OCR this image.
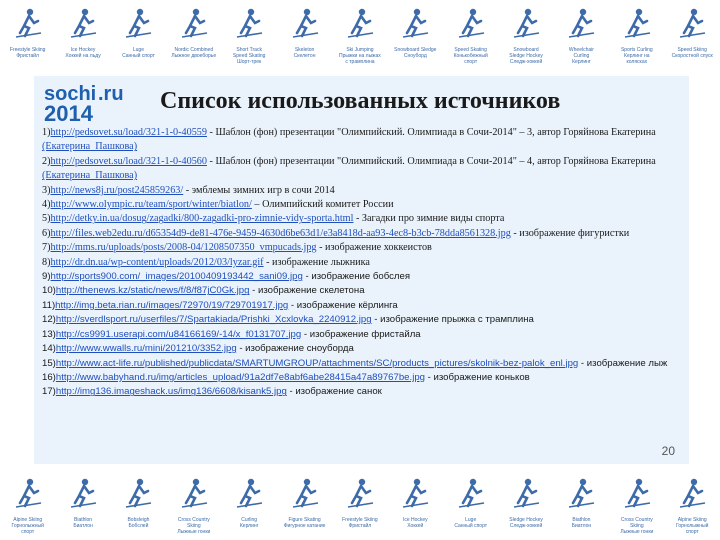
Freestyle Skiing
Фристайл
Ice Hockey
Хоккей на льду
Luge
Санный спорт
Nordic Combined
Лыжное двоеборье
Short Track
Speed Skating
Шорт-трек
Skeleton
Скелетон
Ski Jumping
Прыжки на лыжах
с трамплина
Snowboard Sledge
Сноуборд
Speed Skating
Конькобежный спорт
Snowboard
Sledge Hockey
Следж-хоккей
Wheelchair
Curling
Керлинг
Sports Curling
Керлинг на
колясках
Speed Skiing
Скоростной спуск
sochi .ru
2014	Список использованных источников
1)http://pedsovet.su/load/321-1-0-40559 - Шаблон (фон) презентации "Олимпийский. Олимпиада в Сочи-2014" – 3, автор Горяйнова Екатерина (Екатерина_Пашкова)
2)http://pedsovet.su/load/321-1-0-40560 - Шаблон (фон) презентации "Олимпийский. Олимпиада в Сочи-2014" – 4, автор Горяйнова Екатерина (Екатерина_Пашкова)
3)http://news8j.ru/post245859263/ - эмблемы зимних игр в сочи 2014
4)http://www.olympic.ru/team/sport/winter/biatlon/ – Олимпийский комитет России
5)http://detky.in.ua/dosug/zagadki/800-zagadki-pro-zimnie-vidy-sporta.html - Загадки про зимние виды спорта
6)http://files.web2edu.ru/d65354d9-de81-476e-9459-4630d6be63d1/e3a8418d-aa93-4ec8-b3cb-78dda8561328.jpg - изображение фигуристки
7)http://mms.ru/uploads/posts/2008-04/1208507350_vmpucads.jpg - изображение хоккеистов
8)http://dr.dn.ua/wp-content/uploads/2012/03/lyzar.gif - изображение лыжника
9)http://sports900.com/_images/20100409193442_sani09.jpg - изображение бобслея
10)http://thenews.kz/static/news/f/8/f87jC0Gk.jpg - изображение скелетона
11)http://img.beta.rian.ru/images/72970/19/729701917.jpg - изображение кёрлинга
12)http://sverdlsport.ru/userfiles/7/Spartakiada/Prishki_Xcxlovka_2240912.jpg - изображение прыжка с трамплина
13)http://cs9991.userapi.com/u84166169/-14/x_f0131707.jpg - изображение фристайла
14)http://www.wwalls.ru/mini/201210/3352.jpg - изображение сноуборда
15)http://www.act-life.ru/published/publicdata/SMARTUMGROUP/attachments/SC/products_pictures/skolnik-bez-palok_enl.jpg - изображение лыж
16)http://www.babyhand.ru/img/articles_upload/91a2df7e8abf6abe28415a47a89767be.jpg - изображение коньков
17)http://img136.imageshack.us/img136/6608/kisank5.jpg - изображение санок
20
Alpine Skiing
Горнолыжный
спорт
Biathlon
Биатлон
Bobsleigh
Бобслей
Cross Country
Skiing
Лыжные гонки
Curling
Керлинг
Figure Skating
Фигурное катание
Freestyle Skiing
Фристайл
Ice Hockey
Хоккей
Luge
Санный спорт
Sledge Hockey
Следж-хоккей
Biathlon
Биатлон
Cross Country
Skiing
Лыжные гонки
Alpine Skiing
Горнолыжный
спорт
